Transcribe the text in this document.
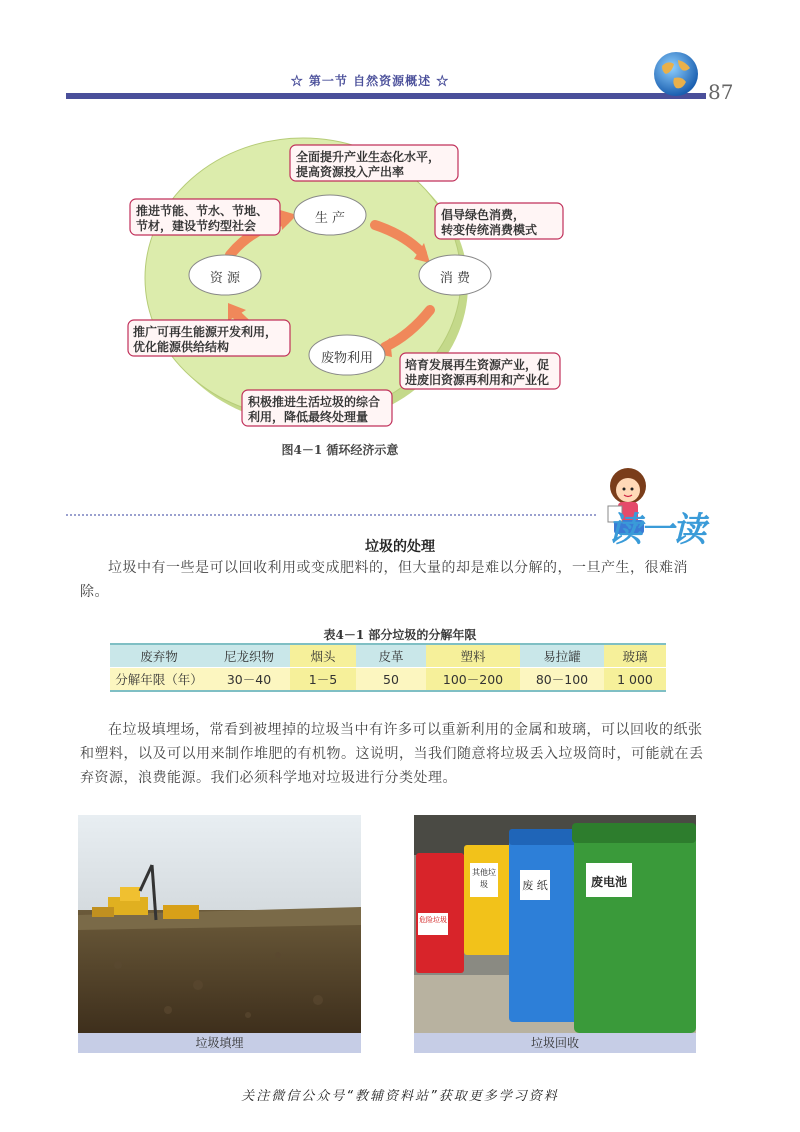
☆ 第一节 自然资源概述 ☆	87
生 产
消 费
资 源
废物利用
全面提升产业生态化水平，
提高资源投入产出率
推进节能、节水、节地、
节材，建设节约型社会
倡导绿色消费，
转变传统消费模式
推广可再生能源开发利用，
优化能源供给结构
培育发展再生资源产业，促
进废旧资源再利用和产业化
积极推进生活垃圾的综合
利用，降低最终处理量
图4－1 循环经济示意
读一读
垃圾的处理
垃圾中有一些是可以回收利用或变成肥料的，但大量的却是难以分解的，一旦产生，很难消除。
表4－1 部分垃圾的分解年限
废弃物	尼龙织物	烟头	皮革	塑料	易拉罐	玻璃
分解年限（年）	30－40	1－5	50	100－200	80－100	1 000
在垃圾填埋场，常看到被埋掉的垃圾当中有许多可以重新利用的金属和玻璃，可以回收的纸张和塑料，以及可以用来制作堆肥的有机物。这说明，当我们随意将垃圾丢入垃圾筒时，可能就在丢弃资源，浪费能源。我们必须科学地对垃圾进行分类处理。
垃圾填埋
危险垃圾
其他垃圾	废 纸	废电池
垃圾回收
关注微信公众号“教辅资料站”获取更多学习资料
